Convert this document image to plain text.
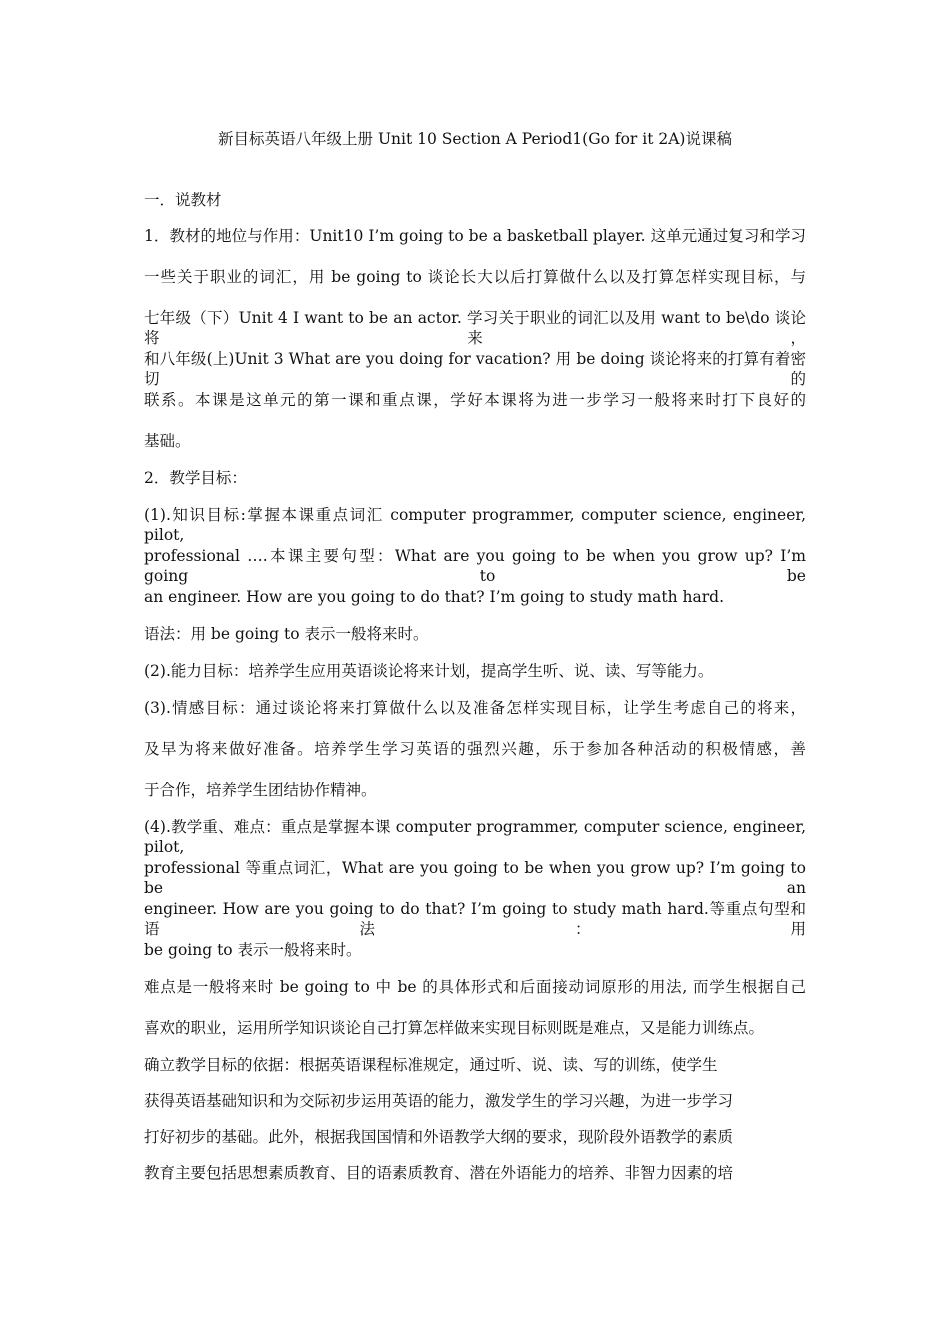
新目标英语八年级上册 Unit 10 Section A Period1(Go for it 2A)说课稿
一．说教材
1．教材的地位与作用：Unit10 I’m going to be a basketball player. 这单元通过复习和学习
一些关于职业的词汇，用 be going to 谈论长大以后打算做什么以及打算怎样实现目标，与
七年级（下）Unit 4 I want to be an actor. 学习关于职业的词汇以及用 want to be\do 谈论将来，
和八年级(上)Unit 3 What are you doing for vacation? 用 be doing 谈论将来的打算有着密切的
联系。本课是这单元的第一课和重点课，学好本课将为进一步学习一般将来时打下良好的
基础。
2．教学目标：
(1).知识目标:掌握本课重点词汇 computer programmer, computer science, engineer, pilot,
professional ….本课主要句型：What are you going to be when you grow up? I’m going to be
an engineer. How are you going to do that? I’m going to study math hard.
语法：用 be going to 表示一般将来时。
(2).能力目标：培养学生应用英语谈论将来计划，提高学生听、说、读、写等能力。
(3).情感目标：通过谈论将来打算做什么以及准备怎样实现目标，让学生考虑自己的将来，
及早为将来做好准备。培养学生学习英语的强烈兴趣，乐于参加各种活动的积极情感，善
于合作，培养学生团结协作精神。
(4).教学重、难点：重点是掌握本课 computer programmer, computer science, engineer, pilot,
professional 等重点词汇，What are you going to be when you grow up? I’m going to be an
engineer. How are you going to do that? I’m going to study math hard.等重点句型和语法：用
be going to 表示一般将来时。
难点是一般将来时 be going to 中 be 的具体形式和后面接动词原形的用法, 而学生根据自己
喜欢的职业，运用所学知识谈论自己打算怎样做来实现目标则既是难点，又是能力训练点。
确立教学目标的依据：根据英语课程标准规定，通过听、说、读、写的训练，使学生
获得英语基础知识和为交际初步运用英语的能力，激发学生的学习兴趣，为进一步学习
打好初步的基础。此外，根据我国国情和外语教学大纲的要求，现阶段外语教学的素质
教育主要包括思想素质教育、目的语素质教育、潜在外语能力的培养、非智力因素的培
